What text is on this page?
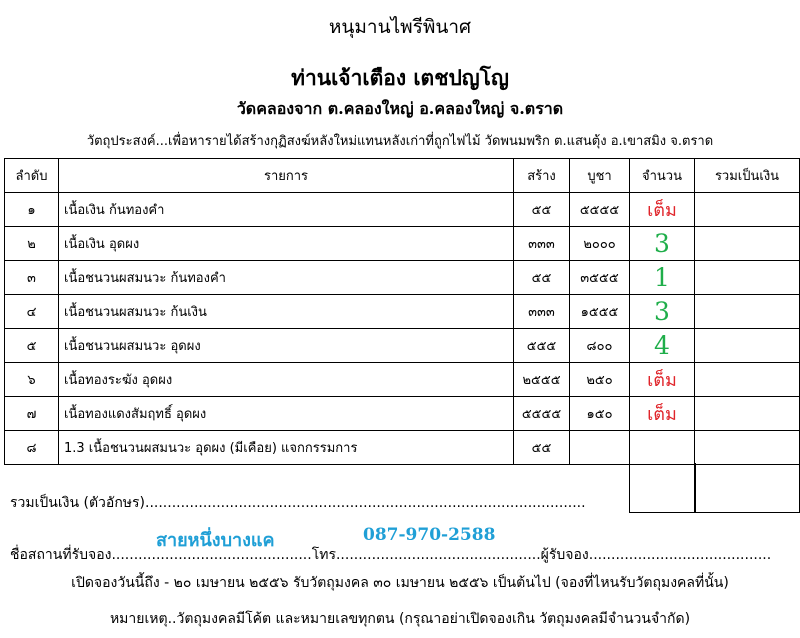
หนุมานไพรีพินาศ
ท่านเจ้าเตือง เตชปญโญ
วัดคลองจาก ต.คลองใหญ่ อ.คลองใหญ่ จ.ตราด
วัตถุประสงค์...เพื่อหารายได้สร้างกุฏิสงฆ์หลังใหม่แทนหลังเก่าที่ถูกไฟไม้ วัดพนมพริก ต.แสนตุ้ง อ.เขาสมิง จ.ตราด
ลำดับ	รายการ	สร้าง	บูชา	จำนวน	รวมเป็นเงิน
๑	เนื้อเงิน ก้นทองคำ	๕๕	๕๕๕๕	เต็ม	
๒	เนื้อเงิน อุดผง	๓๓๓	๒๐๐๐	3	
๓	เนื้อชนวนผสมนวะ ก้นทองคำ	๕๕	๓๕๕๕	1	
๔	เนื้อชนวนผสมนวะ ก้นเงิน	๓๓๓	๑๕๕๕	3	
๕	เนื้อชนวนผสมนวะ อุดผง	๕๕๕	๘๐๐	4	
๖	เนื้อทองระฆัง อุดผง	๒๕๕๕	๒๕๐	เต็ม	
๗	เนื้อทองแดงสัมฤทธิ์ อุดผง	๕๕๕๕	๑๕๐	เต็ม	
๘	1.3 เนื้อชนวนผสมนวะ อุดผง (มีเคือย) แจกกรรมการ	๕๕			
รวมเป็นเงิน (ตัวอักษร)...................................................................................................
สายหนึ่งบางแค	087-970-2588
ชื่อสถานที่รับจอง.............................................โทร..............................................ผู้รับจอง.........................................
เปิดจองวันนี้ถึง - ๒๐ เมษายน ๒๕๕๖ รับวัตถุมงคล ๓๐ เมษายน ๒๕๕๖ เป็นต้นไป (จองที่ไหนรับวัตถุมงคลที่นั้น)
หมายเหตุ..วัตถุมงคลมีโค้ต และหมายเลขทุกตน (กรุณาอย่าเปิดจองเกิน วัตถุมงคลมีจำนวนจำกัด)
